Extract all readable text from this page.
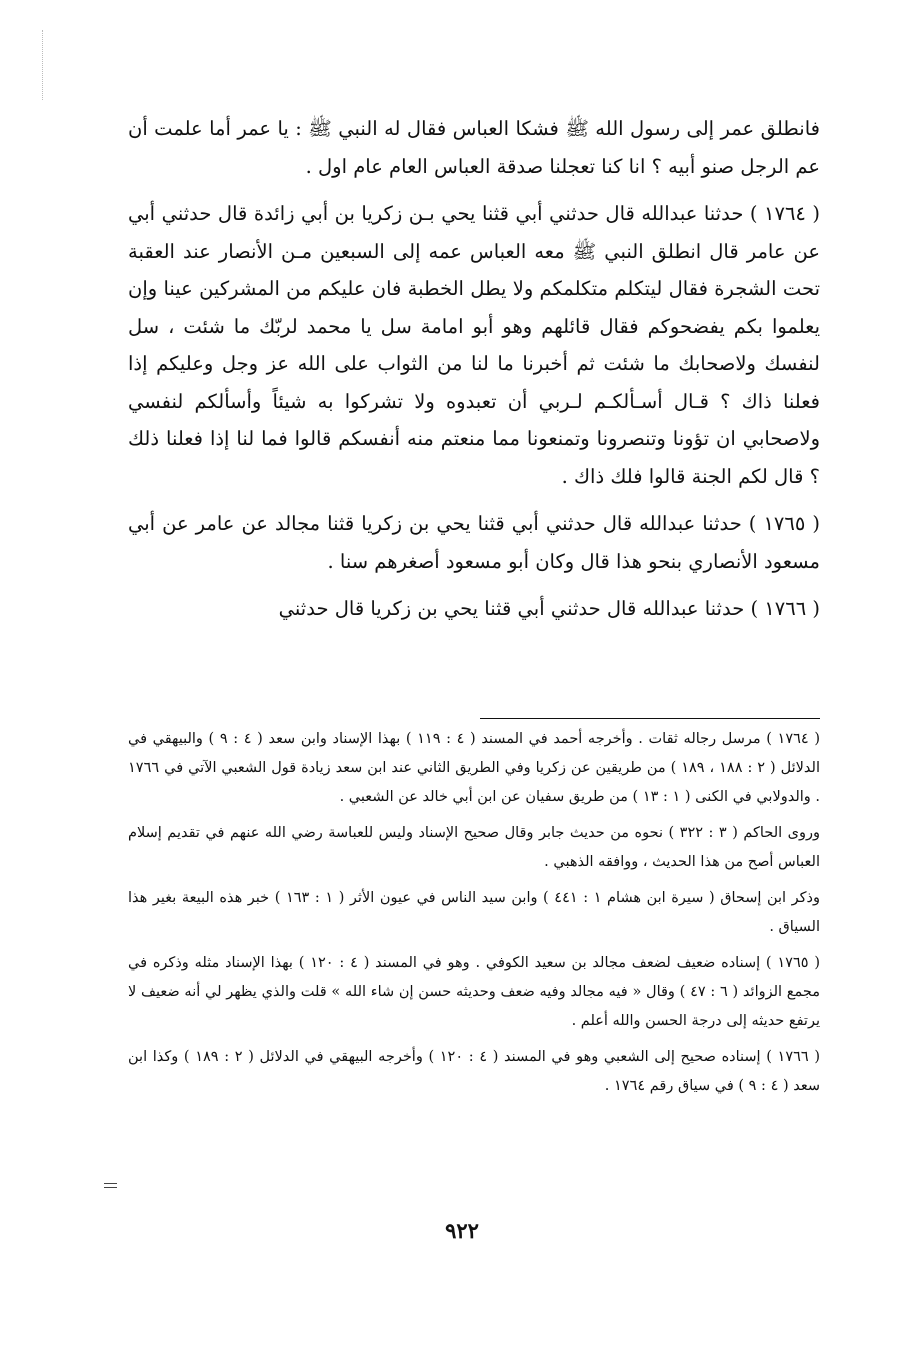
فانطلق عمر إلى رسول الله ﷺ فشكا العباس فقال له النبي ﷺ : يا عمر أما علمت أن عم الرجل صنو أبيه ؟ انا كنا تعجلنا صدقة العباس العام عام اول .

( ١٧٦٤ ) حدثنا عبدالله قال حدثني أبي قثنا يحي بـن زكريا بن أبي زائدة قال حدثني أبي عن عامر قال انطلق النبي ﷺ معه العباس عمه إلى السبعين مـن الأنصار عند العقبة تحت الشجرة فقال ليتكلم متكلمكم ولا يطل الخطبة فان عليكم من المشركين عينا وإن يعلموا بكم يفضحوكم فقال قائلهم وهو أبو امامة سل يا محمد لربّك ما شئت ، سل لنفسك ولاصحابك ما شئت ثم أخبرنا ما لنا من الثواب على الله عز وجل وعليكم إذا فعلنا ذاك ؟ قـال أسـألكـم لـربي أن تعبدوه ولا تشركوا به شيئاً وأسألكم لنفسي ولاصحابي ان تؤونا وتنصرونا وتمنعونا مما منعتم منه أنفسكم قالوا فما لنا إذا فعلنا ذلك ؟ قال لكم الجنة قالوا فلك ذاك .

( ١٧٦٥ ) حدثنا عبدالله قال حدثني أبي قثنا يحي بن زكريا قثنا مجالد عن عامر عن أبي مسعود الأنصاري بنحو هذا قال وكان أبو مسعود أصغرهم سنا .

( ١٧٦٦ ) حدثنا عبدالله قال حدثني أبي قثنا يحي بن زكريا قال حدثني

( ١٧٦٤ ) مرسل رجاله ثقات . وأخرجه أحمد في المسند ( ٤ : ١١٩ ) بهذا الإسناد وابن سعد ( ٤ : ٩ ) والبيهقي في الدلائل ( ٢ : ١٨٨ ، ١٨٩ ) من طريقين عن زكريا وفي الطريق الثاني عند ابن سعد زيادة قول الشعبي الآتي في ١٧٦٦ . والدولابي في الكنى ( ١ : ١٣ ) من طريق سفيان عن ابن أبي خالد عن الشعبي .

وروى الحاكم ( ٣ : ٣٢٢ ) نحوه من حديث جابر وقال صحيح الإسناد وليس للعباسة رضي الله عنهم في تقديم إسلام العباس أصح من هذا الحديث ، ووافقه الذهبي .

وذكر ابن إسحاق ( سيرة ابن هشام ١ : ٤٤١ ) وابن سيد الناس في عيون الأثر ( ١ : ١٦٣ ) خبر هذه البيعة بغير هذا السياق .

( ١٧٦٥ ) إسناده ضعيف لضعف مجالد بن سعيد الكوفي . وهو في المسند ( ٤ : ١٢٠ ) بهذا الإسناد مثله وذكره في مجمع الزوائد ( ٦ : ٤٧ ) وقال « فيه مجالد وفيه ضعف وحديثه حسن إن شاء الله » قلت والذي يظهر لي أنه ضعيف لا يرتفع حديثه إلى درجة الحسن والله أعلم .

( ١٧٦٦ ) إسناده صحيح إلى الشعبي وهو في المسند ( ٤ : ١٢٠ ) وأخرجه البيهقي في الدلائل ( ٢ : ١٨٩ ) وكذا ابن سعد ( ٤ : ٩ ) في سياق رقم ١٧٦٤ .

٩٢٢
